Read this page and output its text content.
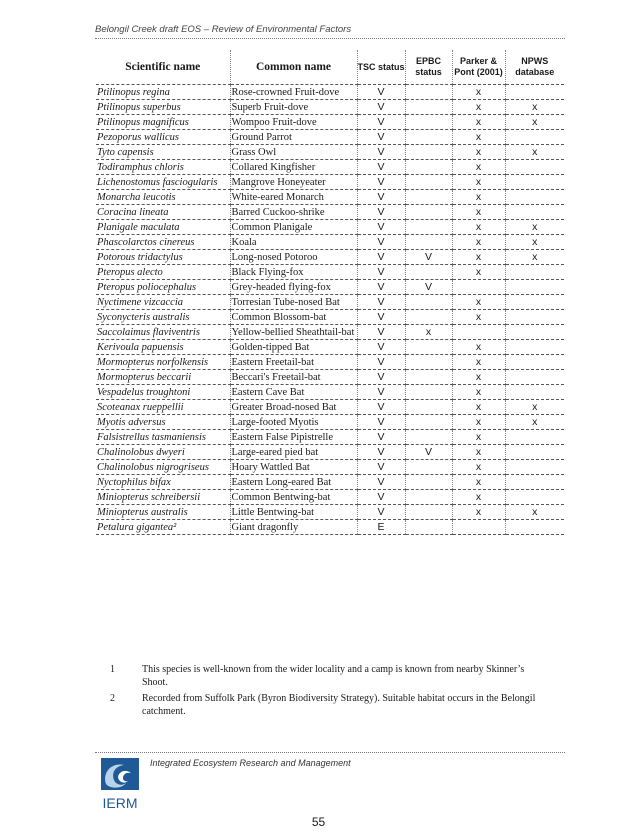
Belongil Creek draft EOS – Review of Environmental Factors
Scientific name	Common name	TSC status	EPBC status	Parker & Pont (2001)	NPWS database
Ptilinopus regina	Rose-crowned Fruit-dove	V		x	
Ptilinopus superbus	Superb Fruit-dove	V		x	x
Ptilinopus magnificus	Wompoo Fruit-dove	V		x	x
Pezoporus wallicus	Ground Parrot	V		x	
Tyto capensis	Grass Owl	V		x	x
Todiramphus chloris	Collared Kingfisher	V		x	
Lichenostomus fasciogularis	Mangrove Honeyeater	V		x	
Monarcha leucotis	White-eared Monarch	V		x	
Coracina lineata	Barred Cuckoo-shrike	V		x	
Planigale maculata	Common Planigale	V		x	x
Phascolarctos cinereus	Koala	V		x	x
Potorous tridactylus	Long-nosed Potoroo	V	V	x	x
Pteropus alecto	Black Flying-fox	V		x	
Pteropus poliocephalus	Grey-headed flying-fox	V	V		
Nyctimene vizcaccia	Torresian Tube-nosed Bat	V		x	
Syconycteris australis	Common Blossom-bat	V		x	
Saccolaimus flaviventris	Yellow-bellied Sheathtail-bat	V	x		
Kerivoula papuensis	Golden-tipped Bat	V		x	
Mormopterus norfolkensis	Eastern Freetail-bat	V		x	
Mormopterus beccarii	Beccari's Freetail-bat	V		x	
Vespadelus troughtoni	Eastern Cave Bat	V		x	
Scoteanax rueppellii	Greater Broad-nosed Bat	V		x	x
Myotis adversus	Large-footed Myotis	V		x	x
Falsistrellus tasmaniensis	Eastern False Pipistrelle	V		x	
Chalinolobus dwyeri	Large-eared pied bat	V	V	x	
Chalinolobus nigrogriseus	Hoary Wattled Bat	V		x	
Nyctophilus bifax	Eastern Long-eared Bat	V		x	
Miniopterus schreibersii	Common Bentwing-bat	V		x	
Miniopterus australis	Little Bentwing-bat	V		x	x
Petalura gigantea²	Giant dragonfly	E			
1	This species is well-known from the wider locality and a camp is known from nearby Skinner’s Shoot.
2	Recorded from Suffolk Park (Byron Biodiversity Strategy). Suitable habitat occurs in the Belongil catchment.
IERM
Integrated Ecosystem Research and Management
55
